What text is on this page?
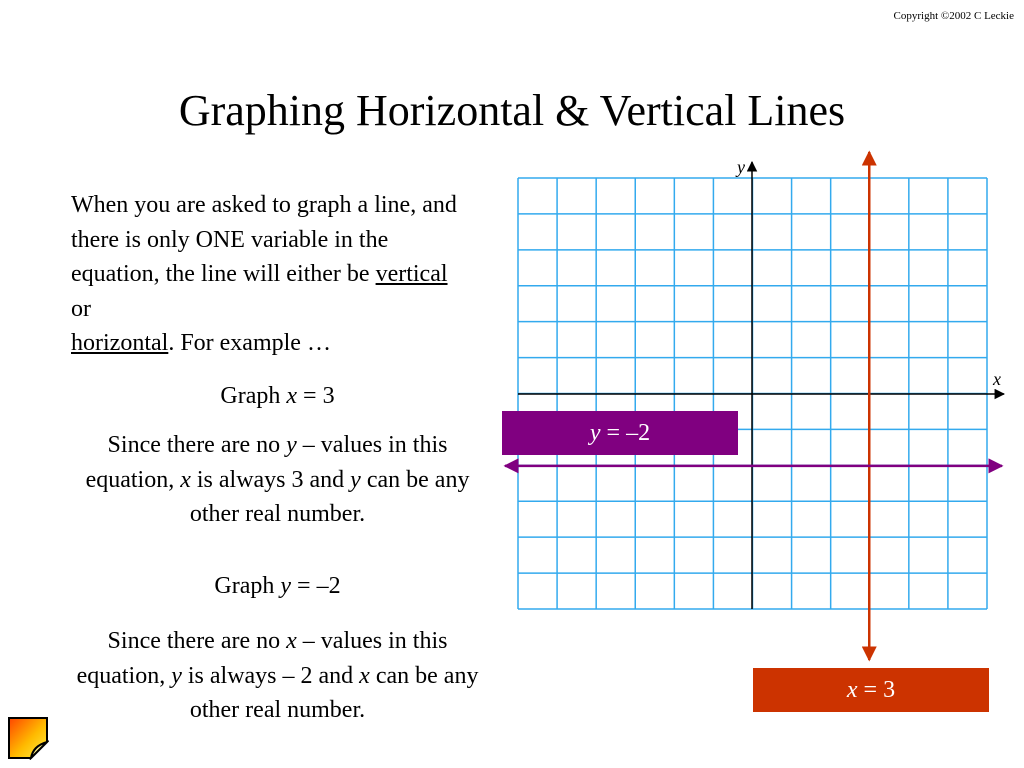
Copyright ©2002 C Leckie
Graphing Horizontal & Vertical Lines
When you are asked to graph a line, and there is only ONE variable in the equation, the line will either be vertical or
horizontal. For example …
Graph x = 3
Since there are no y – values in this equation, x is always 3 and y can be any other real number.
Graph y = –2
Since there are no x – values in this equation, y is always – 2 and x can be any other real number.
y
x
y = –2
x = 3
